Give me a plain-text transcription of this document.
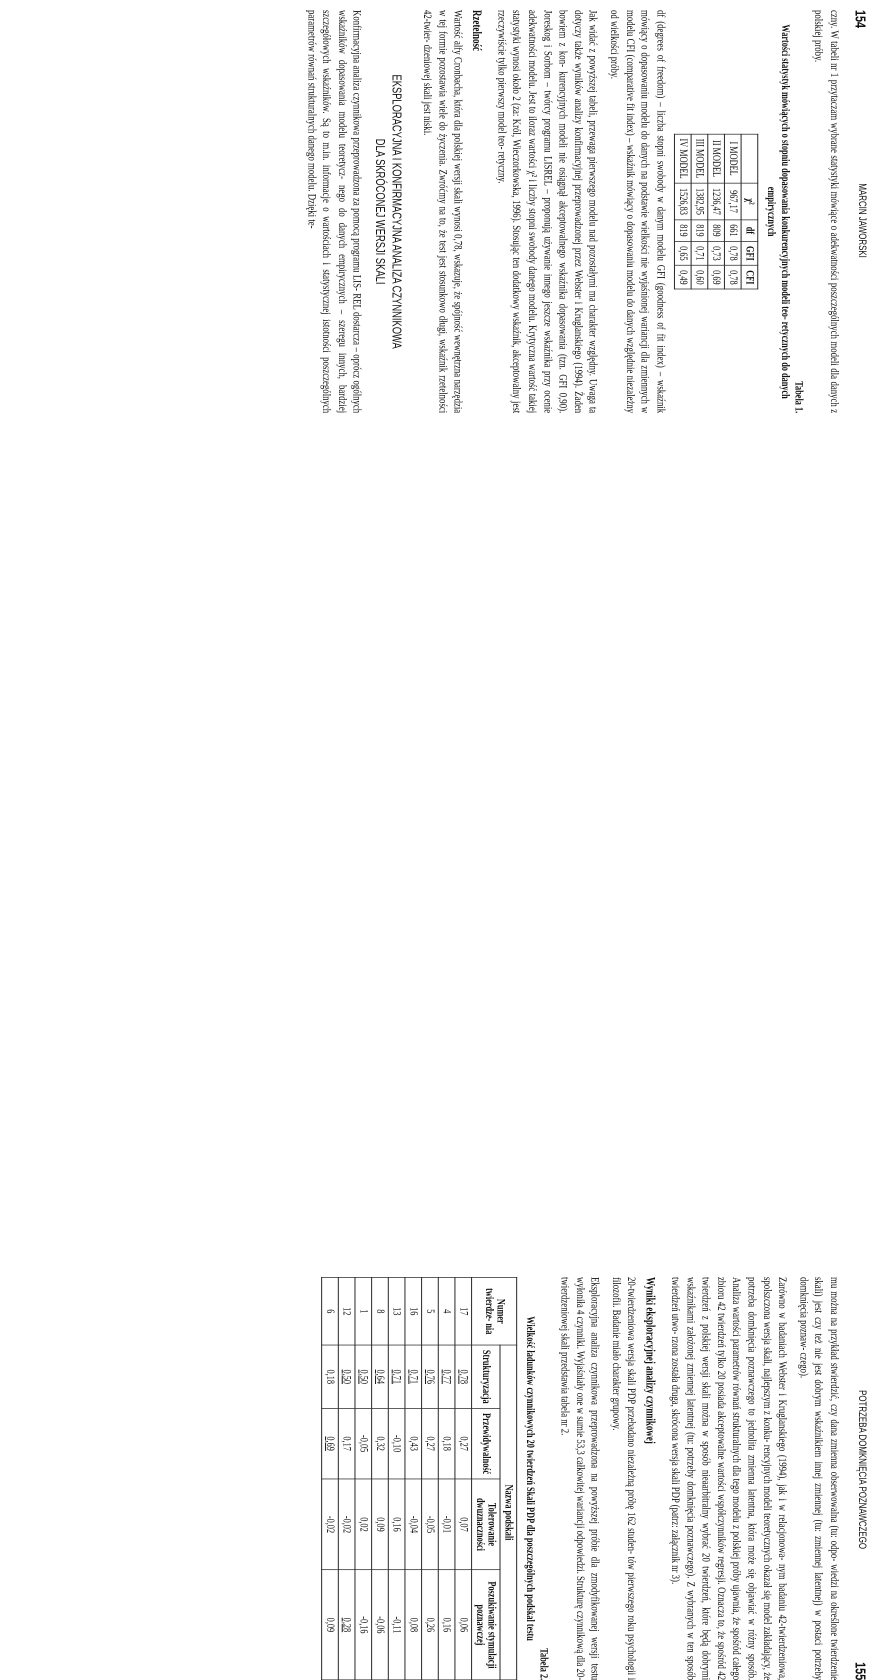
154
MARCIN JAWORSKI

czny. W tabeli nr 1 przytaczam wybrane statystyki mówiące o adekwatności poszczególnych modeli dla danych z polskiej próby.

Tabela 1.
Wartości statystyk mówiących o stopniu dopasowania konkurencyjnych modeli teo- retycznych do danych empirycznych
	χ²	df	GFI	CFI
I MODEL	967,17	661	0,78	0,78
II MODEL	1236,47	809	0,73	0,69
III MODEL	1382,95	819	0,71	0,60
IV MODEL	1526,83	819	0,65	0,49

df (degrees of freedom) – liczba stopni swobody w danym modelu GFI (goodness of fit index) – wskaźnik mówiący o dopasowaniu modelu do danych na podstawie wielkości nie wyjaśnionej wariancji dla zmiennych w modelu CFI (comparative fit index) – wskaźnik mówiący o dopasowaniu modelu do danych względnie niezależny od wielkości próby.

Jak widać z powyższej tabeli, przewaga pierwszego modelu nad pozostałymi ma charakter względny. Uwaga ta dotyczy także wyników analizy konfirmacyjnej przeprowadzonej przez Webster i Kruglanskiego (1994). Żaden bowiem z kon- kurencyjnych modeli nie osiągnął akceptowalnego wskaźnika dopasowania (tzn. GFI 0,90). Joreskog i Sorbom – twórcy programu LISREL – proponują używanie innego jeszcze wskaźnika przy ocenie adekwatności modelu. Jest to iloraz wartości χ² i liczby stopni swobody danego modelu. Krytyczna wartość takiej statystyki wynosi około 2 (za: Król, Wieczorkowska, 1996). Stosując ten dodatkowy wskaźnik, akceptowalny jest rzeczywiście tylko pierwszy model teo- retyczny.

Rzetelność

Wartość alfy Cronbacha, która dla polskiej wersji skali wynosi 0,78, wskazuje, że spójność wewnętrzna narzędzia w tej formie pozostawia wiele do życzenia. Zwróćmy na to, że test jest stosunkowo długi, wskaźnik rzetelności 42-twier- dzeniowej skali jest niski.

EKSPLORACYJNA I KONFIRMACYJNA ANALIZA CZYNNIKOWA
DLA SKRÓCONEJ WERSJI SKALI

Konfirmacyjna analiza czynnikowa przeprowadzona za pomocą programu LIS- REL dostarcza – oprócz ogólnych wskaźników dopasowania modelu teoretycz- nego do danych empirycznych – szeregu innych, bardziej szczegółowych wskaźników. Są to m.in. informacje o wartościach i statystycznej istotności poszczególnych parametrów równań strukturalnych danego modelu. Dzięki te-

POTRZEBA DOMKNIĘCIA POZNAWCZEGO
155

mu można na przykład stwierdzić, czy dana zmienna obserwowalna (tu: odpo- wiedzi na określone twierdzenie skali) jest czy też nie jest dobrym wskaźnikiem innej zmiennej (tu: zmiennej latentnej) w postaci potrzeby domknięcia poznaw- czego).

Zarówno w badaniach Webster i Kruglanskiego (1994), jak i w relacjonowa- nym badaniu 42-twierdzeniowa, spolszczona wersja skali, najlepszym z konku- rencyjnych modeli teoretycznych okazał się model zakładający, że potrzeba domknięcia poznawczego to jednolita zmienna latentna, która może się objawiać w różny sposób. Analiza wartości parametrów równań strukturalnych dla tego modelu z polskiej próby ujawnia, że spośród całego zbioru 42 twierdzeń tylko 20 posiada akceptowalne wartości współczynników regresji. Oznacza to, że spośród 42 twierdzeń z polskiej wersji skali można w sposób nieaarbitralny wybrać 20 twierdzeń, które będą dobrymi wskaźnikami założonej zmiennej latentnej (tu: potrzeby domknięcia poznawczego). Z wybranych w ten sposób twierdzeń utwo- rzona została druga, skrócona wersja skali PDP (patrz: załącznik nr 3).

Wyniki eksploracyjnej analizy czynnikowej

20-twierdzeniowa wersja skali PDP przebadano niezależną próbę 162 studen- tów pierwszego roku psychologii i filozofii. Badanie miało charakter grupowy.

Eksploracyjna analiza czynnikowa przeprowadzona na powyższej próbie dla zmodyfikowanej wersji testu wyłoniła 4 czynniki. Wyjaśniały one w sumie 53,3 całkowitej wariancji odpowiedzi. Strukturę czynnikową dla 20-twierdzeniowej skali przedstawia tabela nr 2.

Tabela 2.
Wielkość ładunków czynnikowych 20 twierdzeń Skali PDP dla poszczególnych podskal testu
Numer twierdze- nia	Nazwa podskali			
	Strukturyzacja	Przewidywalność	Tolerowanie dwuznaczności	Poszukiwanie stymulacji poznawczej
17	0,78	0,27	0,07	0,06
4	0,77	0,18	-0,01	0,16
5	0,76	0,27	-0,05	0,26
16	0,71	0,43	-0,04	0,08
13	0,71	-0,10	0,16	-0,11
8	0,64	0,32	0,09	-0,06
1	0,50	-0,05	0,02	-0,16
12	0,50	0,17	-0,02	0,28
6	0,18	0,69	-0,02	0,09
